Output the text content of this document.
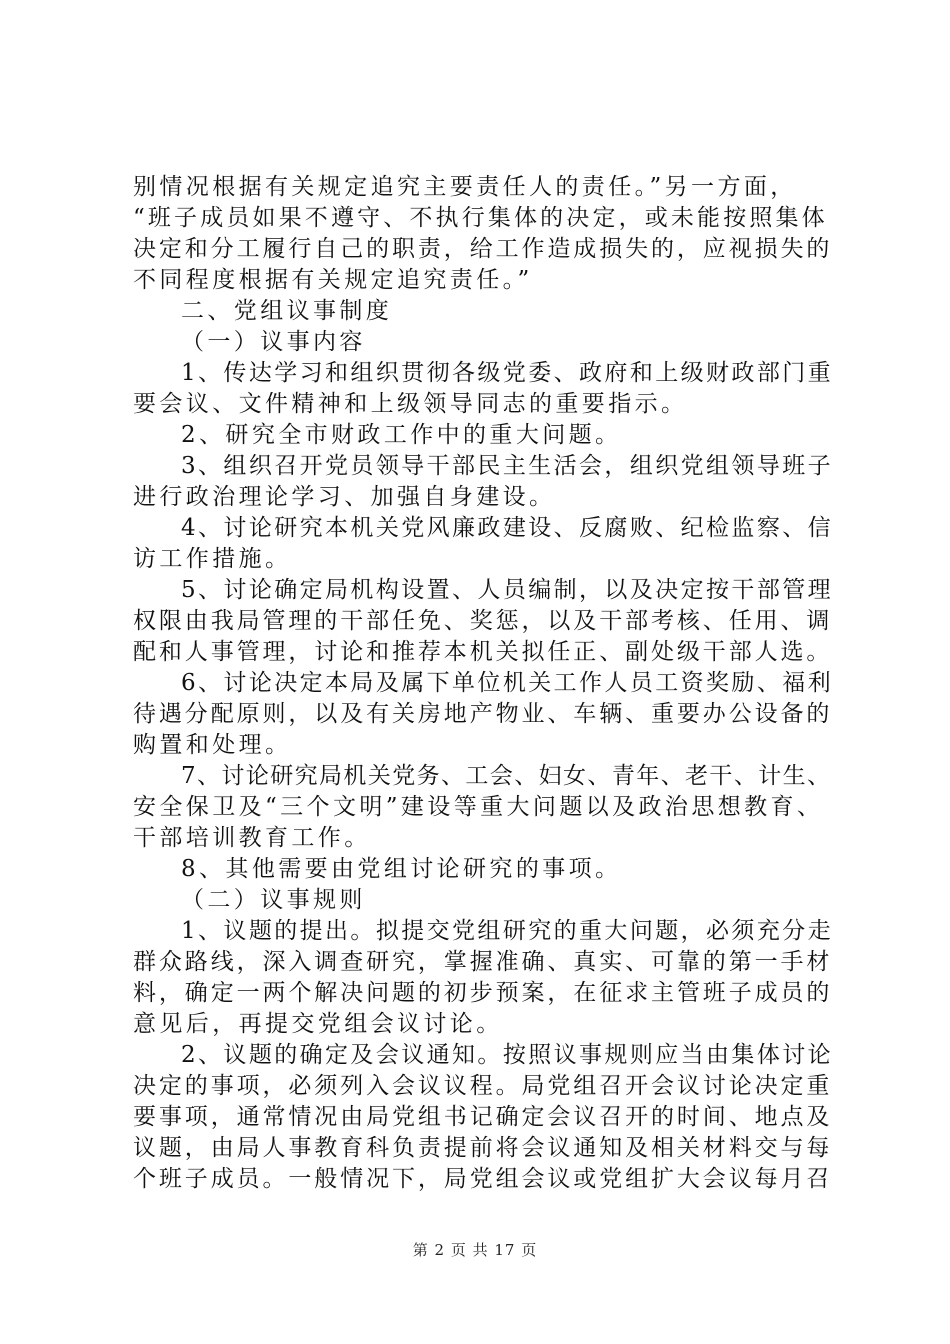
别情况根据有关规定追究主要责任人的责任。”另一方面，
“班子成员如果不遵守、不执行集体的决定，或未能按照集体
决定和分工履行自己的职责，给工作造成损失的，应视损失的
不同程度根据有关规定追究责任。”
二、党组议事制度
（一）议事内容
1、传达学习和组织贯彻各级党委、政府和上级财政部门重
要会议、文件精神和上级领导同志的重要指示。
2、研究全市财政工作中的重大问题。
3、组织召开党员领导干部民主生活会，组织党组领导班子
进行政治理论学习、加强自身建设。
4、讨论研究本机关党风廉政建设、反腐败、纪检监察、信
访工作措施。
5、讨论确定局机构设置、人员编制，以及决定按干部管理
权限由我局管理的干部任免、奖惩，以及干部考核、任用、调
配和人事管理，讨论和推荐本机关拟任正、副处级干部人选。
6、讨论决定本局及属下单位机关工作人员工资奖励、福利
待遇分配原则，以及有关房地产物业、车辆、重要办公设备的
购置和处理。
7、讨论研究局机关党务、工会、妇女、青年、老干、计生、
安全保卫及“三个文明”建设等重大问题以及政治思想教育、
干部培训教育工作。
8、其他需要由党组讨论研究的事项。
（二）议事规则
1、议题的提出。拟提交党组研究的重大问题，必须充分走
群众路线，深入调查研究，掌握准确、真实、可靠的第一手材
料，确定一两个解决问题的初步预案，在征求主管班子成员的
意见后，再提交党组会议讨论。
2、议题的确定及会议通知。按照议事规则应当由集体讨论
决定的事项，必须列入会议议程。局党组召开会议讨论决定重
要事项，通常情况由局党组书记确定会议召开的时间、地点及
议题，由局人事教育科负责提前将会议通知及相关材料交与每
个班子成员。一般情况下，局党组会议或党组扩大会议每月召
第 2 页 共 17 页
